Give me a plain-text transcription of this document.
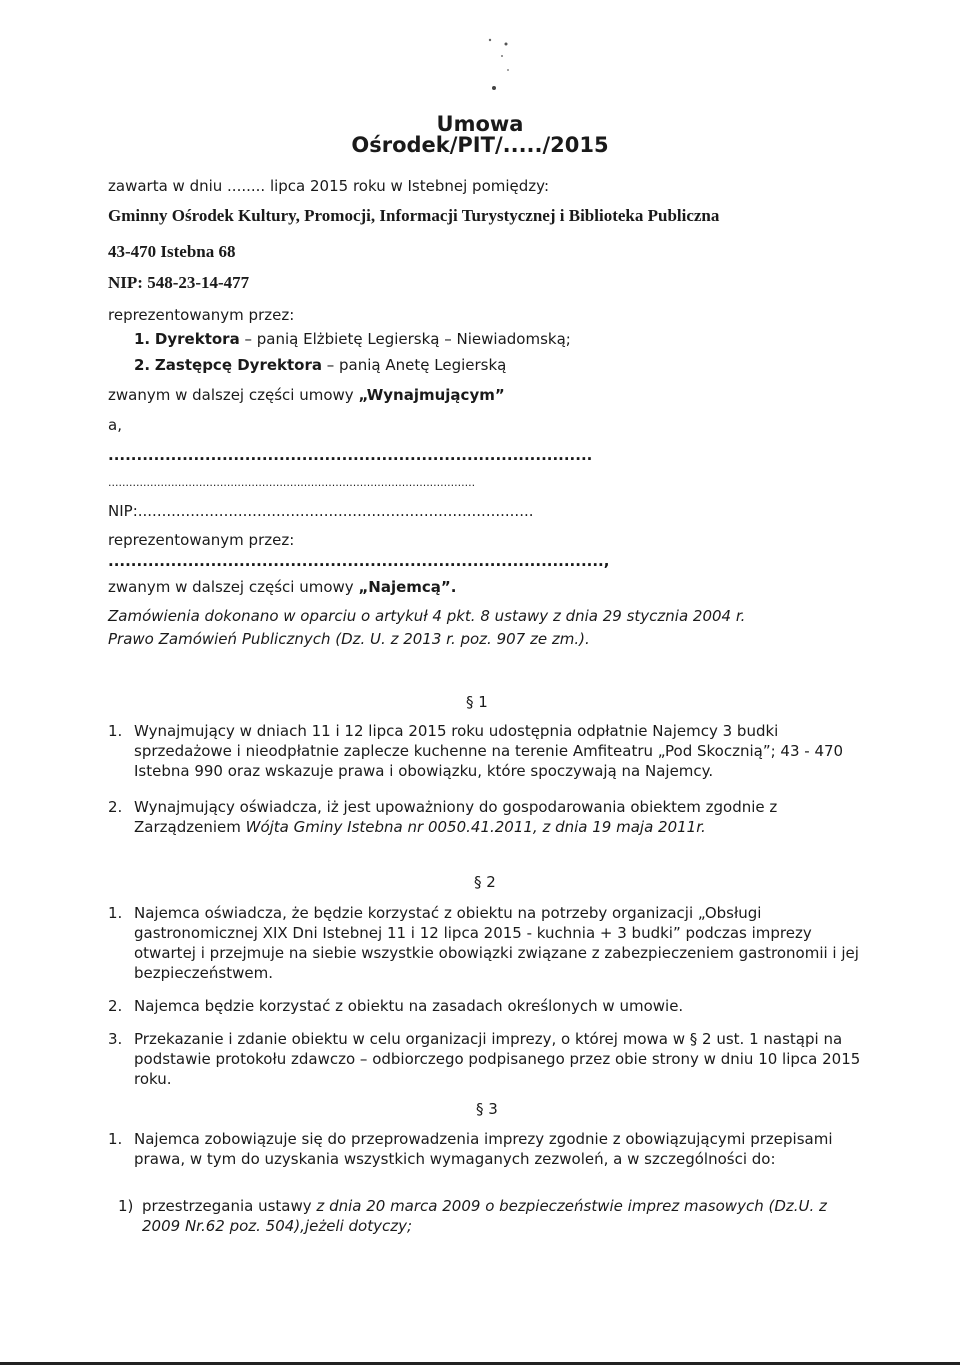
Umowa
Ośrodek/PIT/...../2015
zawarta w dniu ........ lipca 2015 roku w Istebnej pomiędzy:
Gminny Ośrodek Kultury, Promocji, Informacji Turystycznej i Biblioteka Publiczna
43-470 Istebna 68
NIP: 548-23-14-477
reprezentowanym przez:
1. Dyrektora – panią Elżbietę Legierską – Niewiadomską;
2. Zastępcę Dyrektora – panią Anetę Legierską
zwanym w dalszej części umowy „Wynajmującym”
a,
.....................................................................................
.........................................................................................................
NIP:...................................................................................
reprezentowanym przez:
.......................................................................................,
zwanym w dalszej części umowy „Najemcą”.
Zamówienia dokonano w oparciu o artykuł 4 pkt. 8 ustawy z dnia 29 stycznia 2004 r.
Prawo Zamówień Publicznych (Dz. U. z 2013 r. poz. 907 ze zm.).
§ 1
1. Wynajmujący w dniach 11 i 12 lipca 2015 roku udostępnia odpłatnie Najemcy 3 budki sprzedażowe i nieodpłatnie zaplecze kuchenne na terenie Amfiteatru „Pod Skocznią”; 43 - 470 Istebna 990 oraz wskazuje prawa i obowiązku, które spoczywają na Najemcy.
2. Wynajmujący oświadcza, iż jest upoważniony do gospodarowania obiektem zgodnie z Zarządzeniem Wójta Gminy Istebna nr 0050.41.2011, z dnia 19 maja 2011r.
§ 2
1. Najemca oświadcza, że będzie korzystać z obiektu na potrzeby organizacji „Obsługi gastronomicznej XIX Dni Istebnej 11 i 12 lipca 2015 - kuchnia + 3 budki” podczas imprezy otwartej i przejmuje na siebie wszystkie obowiązki związane z zabezpieczeniem gastronomii i jej bezpieczeństwem.
2. Najemca będzie korzystać z obiektu na zasadach określonych w umowie.
3. Przekazanie i zdanie obiektu w celu organizacji imprezy, o której mowa w § 2 ust. 1 nastąpi na podstawie protokołu zdawczo – odbiorczego podpisanego przez obie strony w dniu 10 lipca 2015 roku.
§ 3
1. Najemca zobowiązuje się do przeprowadzenia imprezy zgodnie z obowiązującymi przepisami prawa, w tym do uzyskania wszystkich wymaganych zezwoleń, a w szczególności do:
1) przestrzegania ustawy z dnia 20 marca 2009 o bezpieczeństwie imprez masowych (Dz.U. z 2009 Nr.62 poz. 504),jeżeli dotyczy;
